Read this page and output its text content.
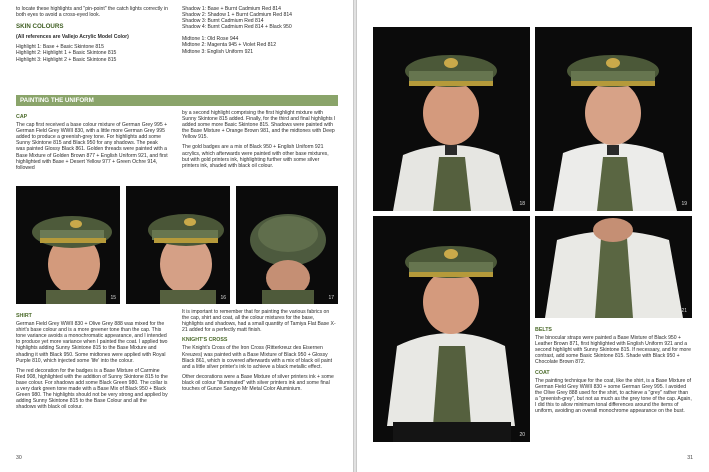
to locate these highlights and "pin-point" the catch lights correctly in both eyes to avoid a cross-eyed look.

SKIN COLOURS
(All references are Vallejo Acrylic Model Color)
Highlight 1: Base + Basic Skintone 815
Highlight 2: Highlight 1 + Basic Skintone 815
Highlight 3: Highlight 2 + Basic Skintone 815
Shadow 1: Base + Burnt Cadmium Red 814
Shadow 2: Shadow 1 + Burnt Cadmium Red 814
Shadow 3: Burnt Cadmium Red 814
Shadow 4: Burnt Cadmium Red 814 + Black 950
Midtone 1: Old Rose 944
Midtone 2: Magenta 945 + Violet Red 812
Midtone 3: English Uniform 921
PAINTING THE UNIFORM
CAP

The cap first received a base colour mixture of German Grey 995 + German Field Grey WWII 830, with a little more German Grey 995 added to produce a greenish-grey tone. For highlights add some Sunny Skintone 815 and Black 950 for any shadows. The peak was painted Glossy Black 861. Golden threads were painted with a Base Mixture of Golden Brown 877 + English Uniform 921, and first highlighted with Base + Desert Yellow 977 + Green Ochre 914, followed

by a second highlight comprising the first highlight mixture with Sunny Skintone 815 added. Finally, for the third and final highlights I added some more Basic Skintone 815. Shadows were painted with the Base Mixture + Orange Brown 981, and the midtones with Deep Yellow 915.

The gold badges are a mix of Black 950 + English Uniform 921 acrylics, which afterwards were painted with other base mixtures, but with gold printers ink, highlighting further with some silver printers ink, shaded with black oil colour.

15	16	17
SHIRT

German Field Grey WWII 830 + Olive Grey 888 was mixed for the shirt's base colour and is a more greener tone than the cap. This tone variance avoids a monochromatic appearance, and I intended to produce yet more variance when I painted the coat. I applied two highlights adding Sunny Skintone 815 to the Base Mixture and shading it with Black 950. Some midtones were applied with Royal Purple 810, which injected some 'life' into the colour.

The red decoration for the badges is a Base Mixture of Carmine Red 908, highlighted with the addition of Sunny Skintone 815 to the base colour. For shadows add some Black Green 980. The collar is a very dark green tone made with a Base Mix of Black 950 + Black Green 980. The highlights should not be very strong and applied by adding Sunny Skintone 815 to the Base Colour and all the shadows with black oil colour.

It is important to remember that for painting the various fabrics on the cap, shirt and coat, all the colour mixtures for the base, highlights and shadows, had a small quantity of Tamiya Flat Base X-21 added for a perfectly matt finish.

KNIGHT'S CROSS

The Knight's Cross of the Iron Cross (Ritterkreuz des Eisernen Kreuzes) was painted with a Base Mixture of Black 950 + Glossy Black 861, which is covered afterwards with a mix of black oil paint and a little silver printer's ink to achieve a black metallic effect.

Other decorations were a Base Mixture of silver printers ink + some black oil colour "illuminated" with silver printers ink and some final touches of Gunze Sangyo Mr Metal Color Aluminium.

30
18	19
20
21
BELTS

The binocular straps were painted a Base Mixture of Black 950 + Leather Brown 871, first highlighted with English Uniform 921 and a second highlight with Sunny Skintone 815. If necessary, and for more contrast, add some Basic Skintone 815. Shade with Black 950 + Chocolate Brown 872.

COAT

The painting technique for the coat, like the shirt, is a Base Mixture of German Field Grey WWII 830 + some German Grey 995. I avoided the Olive Grey 888 used for the shirt, to achieve a "grey" rather than a "greenish-grey", but not as much as the grey tone of the cap. Again, I did this to allow minimum tonal differences around the items of uniform, avoiding an overall monochrome appearance on the bust.

31
